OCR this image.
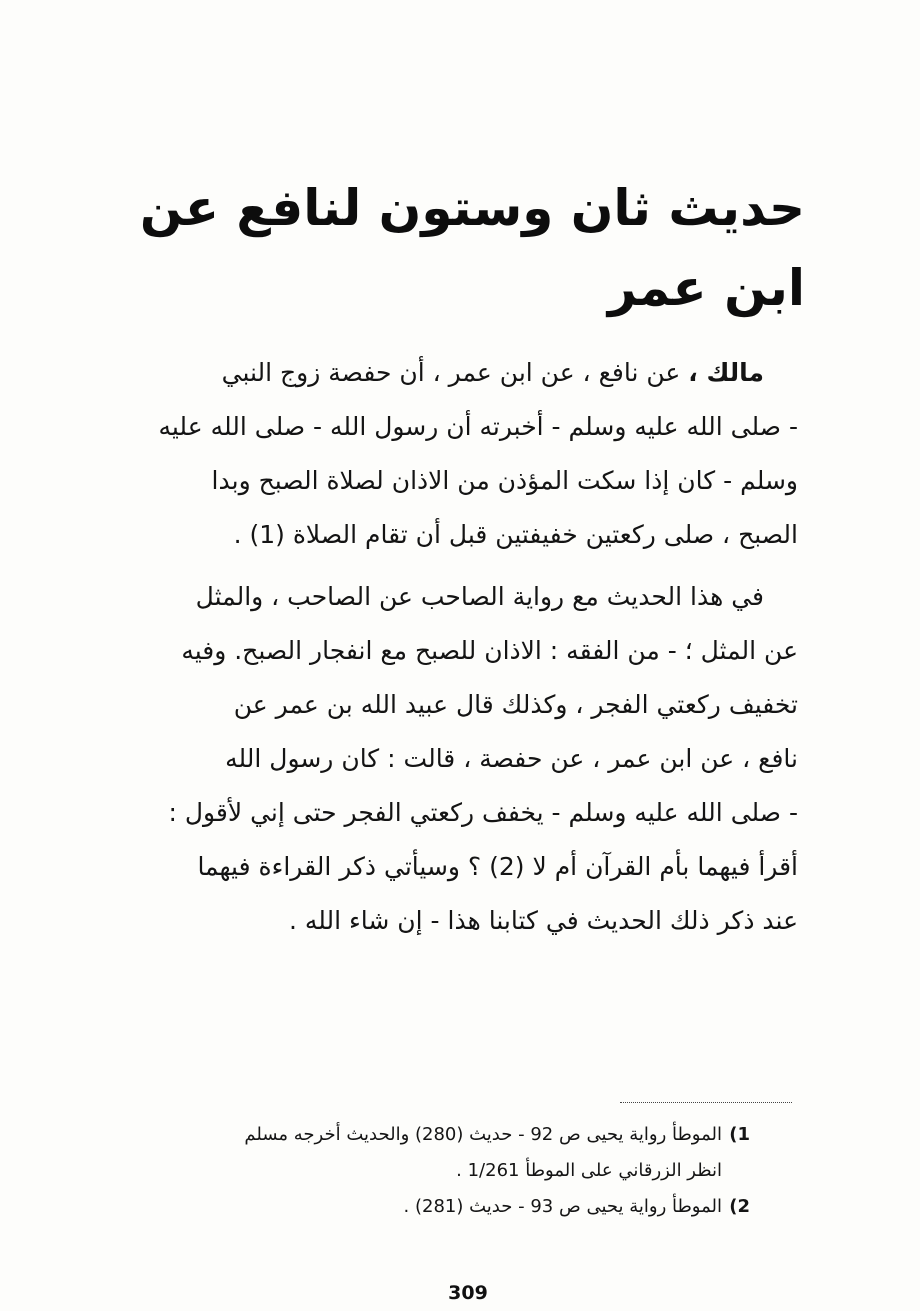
حديث ثان وستون لنافع عن
ابن عمر
مالك ، عن نافع ، عن ابن عمر ، أن حفصة زوج النبي
- صلى الله عليه وسلم - أخبرته أن رسول الله - صلى الله عليه
وسلم - كان إذا سكت المؤذن من الاذان لصلاة الصبح وبدا
الصبح ، صلى ركعتين خفيفتين قبل أن تقام الصلاة (1) .
في هذا الحديث مع رواية الصاحب عن الصاحب ، والمثل
عن المثل ؛ - من الفقه : الاذان للصبح مع انفجار الصبح. وفيه
تخفيف ركعتي الفجر ، وكذلك قال عبيد الله بن عمر عن
نافع ، عن ابن عمر ، عن حفصة ، قالت : كان رسول الله
- صلى الله عليه وسلم - يخفف ركعتي الفجر حتى إني لأقول :
أقرأ فيهما بأم القرآن أم لا (2) ؟ وسيأتي ذكر القراءة فيهما
عند ذكر ذلك الحديث في كتابنا هذا - إن شاء الله .
1)
الموطأ رواية يحيى ص 92 - حديث (280) والحديث أخرجه مسلم
انظر الزرقاني على الموطأ 1/261 .
2)
الموطأ رواية يحيى ص 93 - حديث (281) .
309
